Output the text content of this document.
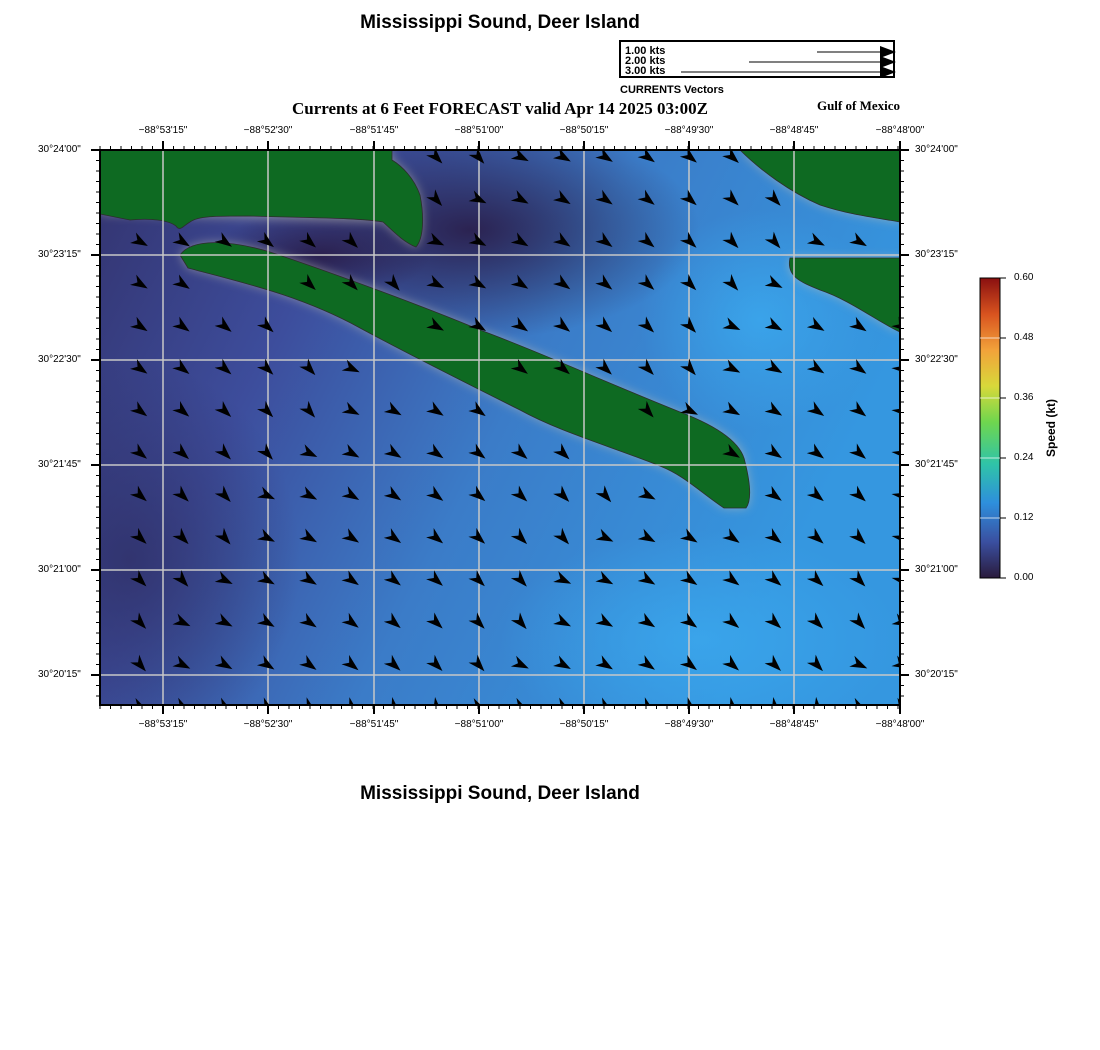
Mississippi Sound, Deer Island
1.00 kts
2.00 kts
3.00 kts
CURRENTS Vectors
Currents at 6 Feet FORECAST valid Apr 14 2025 03:00Z	Gulf of Mexico
0.60
0.48
0.36
0.24
0.12
0.00
Speed (kt)
Mississippi Sound, Deer Island
−88°53'15"
−88°53'15"
−88°52'30"
−88°52'30"
−88°51'45"
−88°51'45"
−88°51'00"
−88°51'00"
−88°50'15"
−88°50'15"
−88°49'30"
−88°49'30"
−88°48'45"
−88°48'45"
−88°48'00"
−88°48'00"
30°24'00"	30°24'00"
30°23'15"	30°23'15"
30°22'30"	30°22'30"
30°21'45"	30°21'45"
30°21'00"	30°21'00"
30°20'15"	30°20'15"
